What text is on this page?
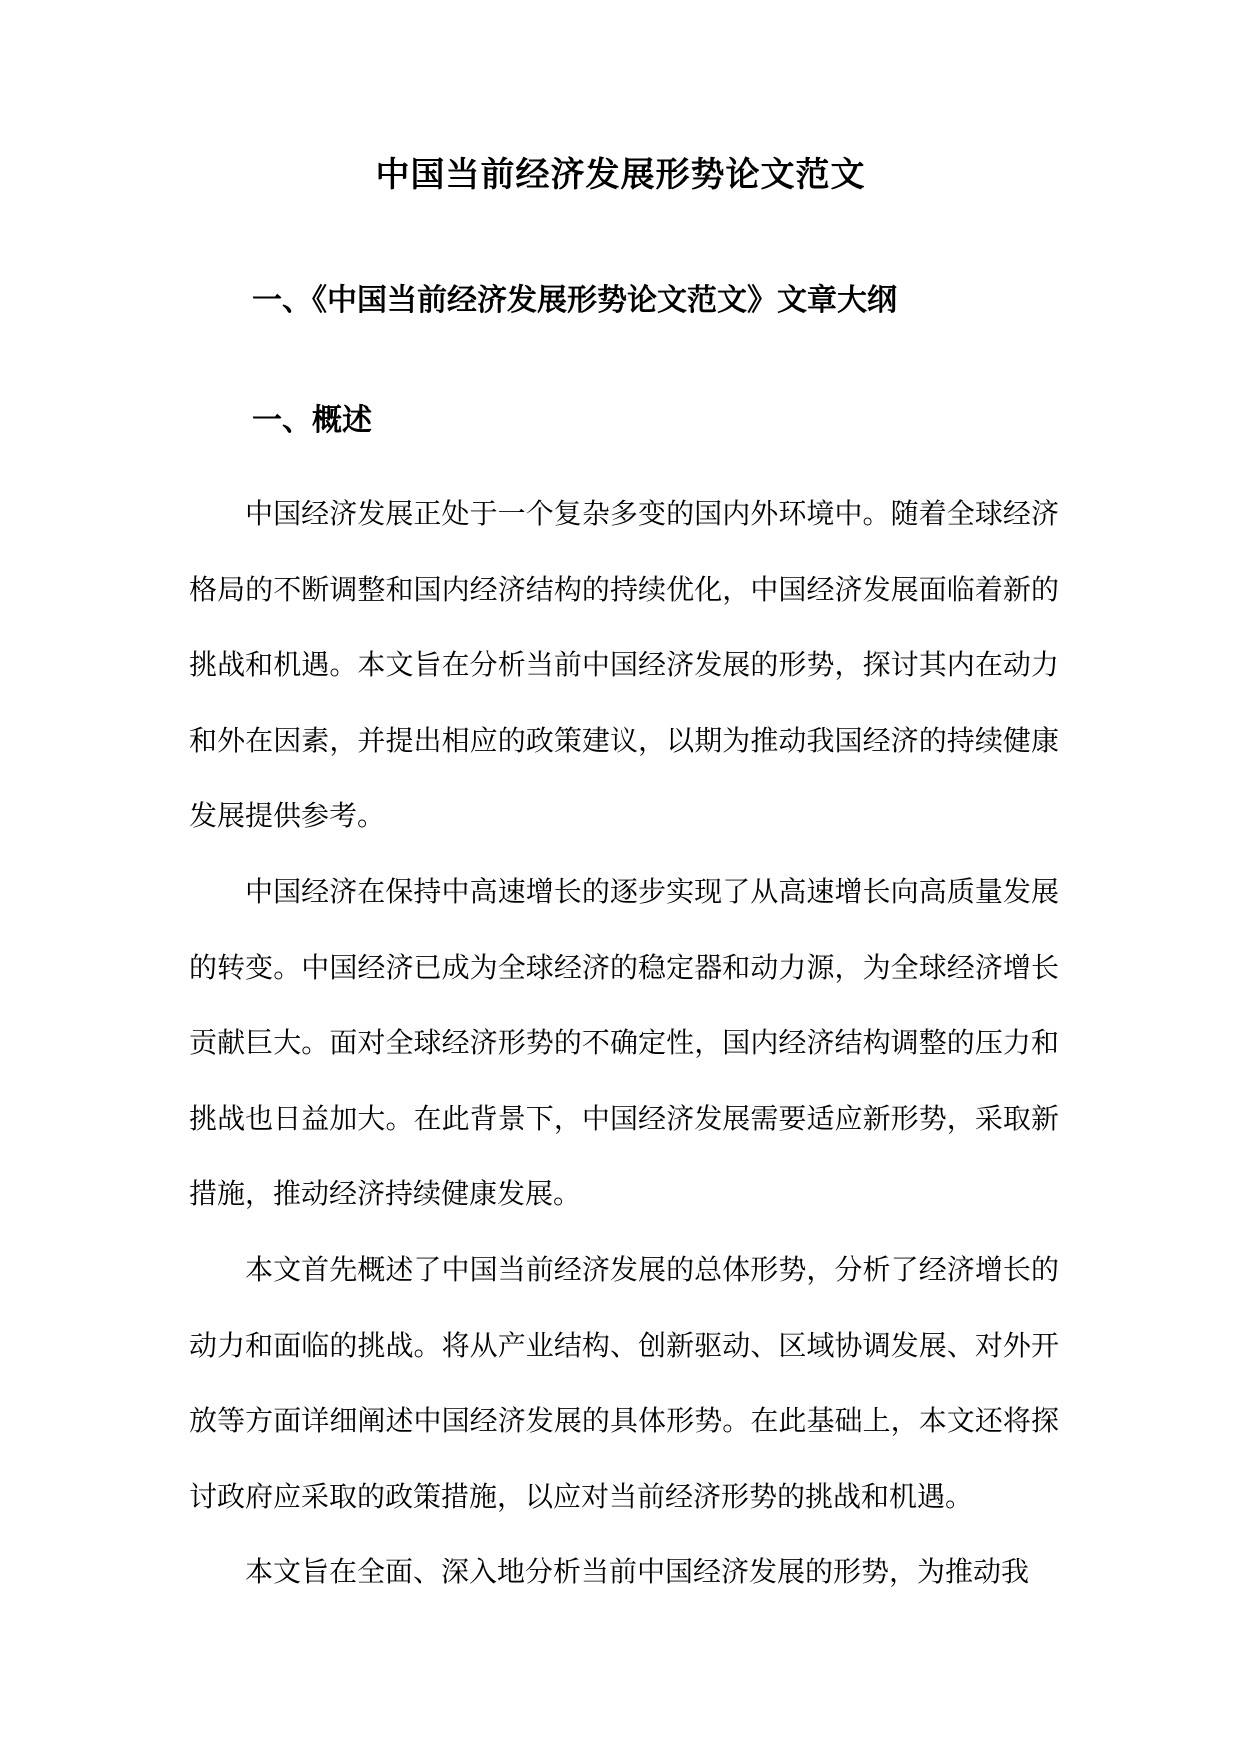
中国当前经济发展形势论文范文
一、《中国当前经济发展形势论文范文》文章大纲
一、概述

中国经济发展正处于一个复杂多变的国内外环境中。随着全球经济格局的不断调整和国内经济结构的持续优化，中国经济发展面临着新的挑战和机遇。本文旨在分析当前中国经济发展的形势，探讨其内在动力和外在因素，并提出相应的政策建议，以期为推动我国经济的持续健康发展提供参考。

中国经济在保持中高速增长的逐步实现了从高速增长向高质量发展的转变。中国经济已成为全球经济的稳定器和动力源，为全球经济增长贡献巨大。面对全球经济形势的不确定性，国内经济结构调整的压力和挑战也日益加大。在此背景下，中国经济发展需要适应新形势，采取新措施，推动经济持续健康发展。

本文首先概述了中国当前经济发展的总体形势，分析了经济增长的动力和面临的挑战。将从产业结构、创新驱动、区域协调发展、对外开放等方面详细阐述中国经济发展的具体形势。在此基础上，本文还将探讨政府应采取的政策措施，以应对当前经济形势的挑战和机遇。

本文旨在全面、深入地分析当前中国经济发展的形势，为推动我
